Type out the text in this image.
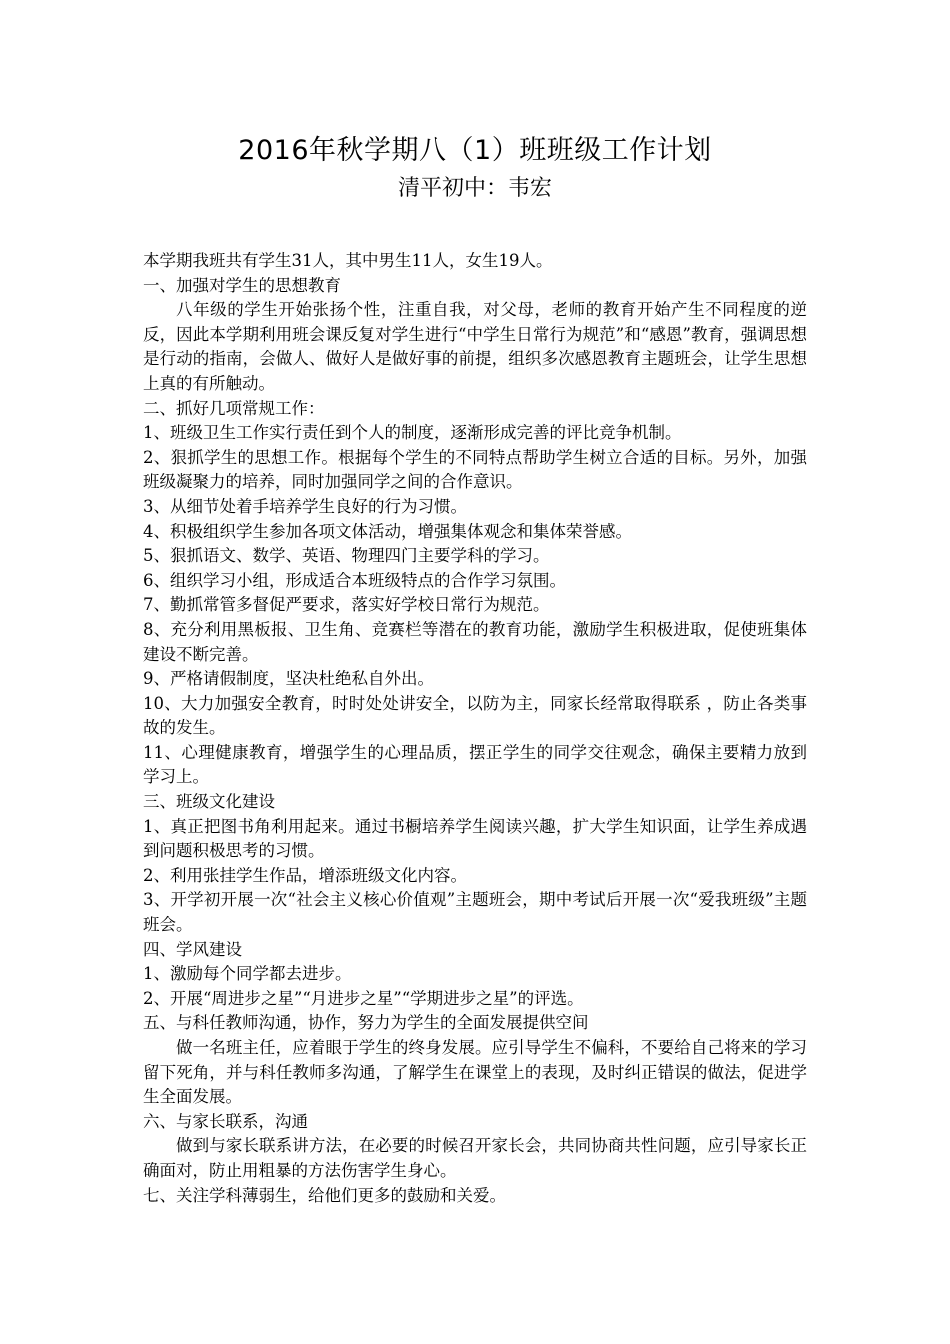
2016年秋学期八（1）班班级工作计划
清平初中：韦宏

本学期我班共有学生31人，其中男生11人，女生19人。

一、加强对学生的思想教育

八年级的学生开始张扬个性，注重自我，对父母，老师的教育开始产生不同程度的逆反，因此本学期利用班会课反复对学生进行“中学生日常行为规范”和“感恩”教育，强调思想是行动的指南，会做人、做好人是做好事的前提，组织多次感恩教育主题班会，让学生思想上真的有所触动。

二、抓好几项常规工作：

1、班级卫生工作实行责任到个人的制度，逐渐形成完善的评比竞争机制。

2、狠抓学生的思想工作。根据每个学生的不同特点帮助学生树立合适的目标。另外，加强班级凝聚力的培养，同时加强同学之间的合作意识。

3、从细节处着手培养学生良好的行为习惯。

4、积极组织学生参加各项文体活动，增强集体观念和集体荣誉感。

5、狠抓语文、数学、英语、物理四门主要学科的学习。

6、组织学习小组，形成适合本班级特点的合作学习氛围。

7、勤抓常管多督促严要求，落实好学校日常行为规范。

8、充分利用黑板报、卫生角、竞赛栏等潜在的教育功能，激励学生积极进取，促使班集体建设不断完善。

9、严格请假制度，坚决杜绝私自外出。

10、大力加强安全教育，时时处处讲安全，以防为主，同家长经常取得联系 ，防止各类事故的发生。

11、心理健康教育，增强学生的心理品质，摆正学生的同学交往观念，确保主要精力放到学习上。

三、班级文化建设

1、真正把图书角利用起来。通过书橱培养学生阅读兴趣，扩大学生知识面，让学生养成遇到问题积极思考的习惯。

2、利用张挂学生作品，增添班级文化内容。

3、开学初开展一次“社会主义核心价值观”主题班会，期中考试后开展一次“爱我班级”主题班会。

四、学风建设

1、激励每个同学都去进步。

2、开展“周进步之星”“月进步之星”“学期进步之星”的评选。

五、与科任教师沟通，协作，努力为学生的全面发展提供空间

做一名班主任，应着眼于学生的终身发展。应引导学生不偏科，不要给自己将来的学习留下死角，并与科任教师多沟通，了解学生在课堂上的表现，及时纠正错误的做法，促进学生全面发展。

六、与家长联系，沟通

做到与家长联系讲方法，在必要的时候召开家长会，共同协商共性问题，应引导家长正确面对，防止用粗暴的方法伤害学生身心。

七、关注学科薄弱生，给他们更多的鼓励和关爱。
